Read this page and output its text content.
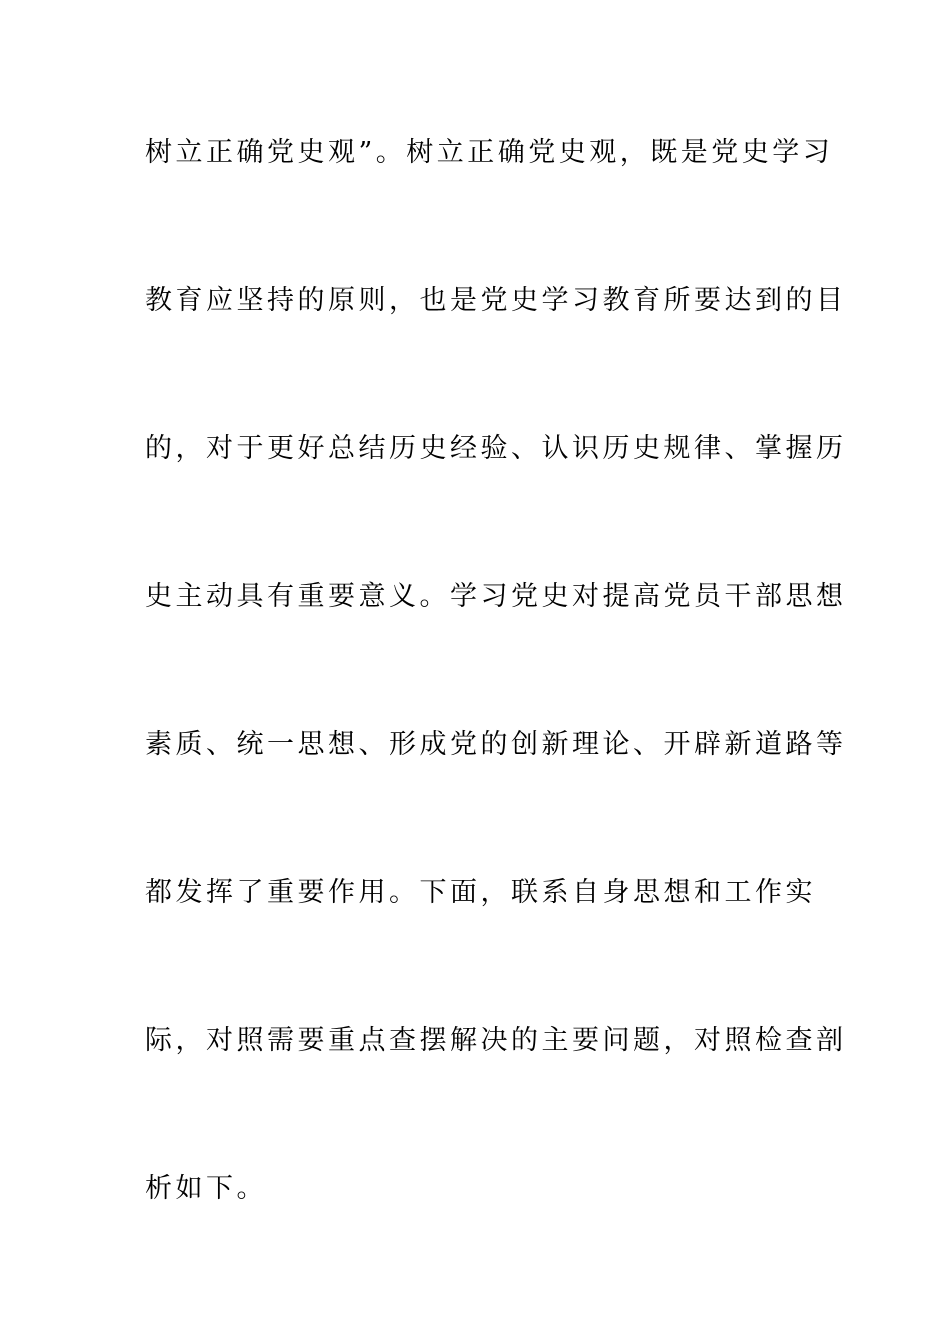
树立正确党史观”。树立正确党史观，既是党史学习
教育应坚持的原则，也是党史学习教育所要达到的目
的，对于更好总结历史经验、认识历史规律、掌握历
史主动具有重要意义。学习党史对提高党员干部思想
素质、统一思想、形成党的创新理论、开辟新道路等
都发挥了重要作用。下面，联系自身思想和工作实
际，对照需要重点查摆解决的主要问题，对照检查剖
析如下。
